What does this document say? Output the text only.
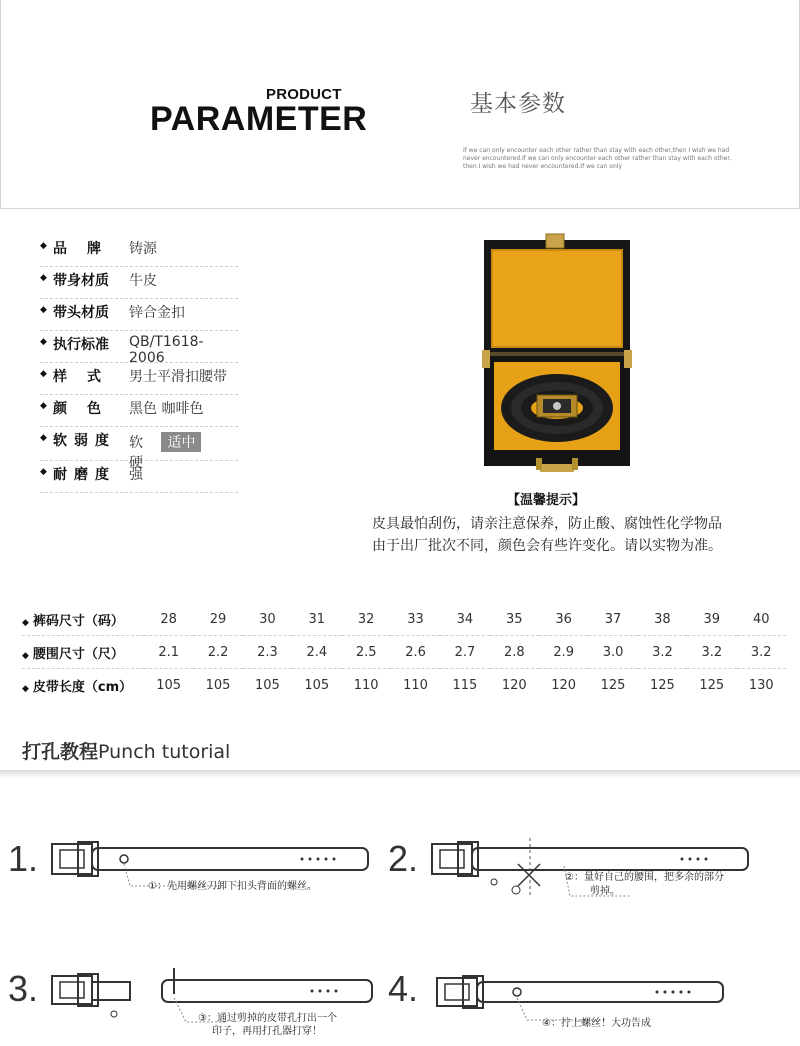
PRODUCT
PARAMETER	基本参数
If we can only encounter each other rather than stay with each other,then I wish we had never encountered.If we can only encounter each other rather than stay with each other, then I wish we had never encountered.If we can only
◆ 品牌 铸源
◆ 带身材质 牛皮
◆ 带头材质 锌合金扣
◆ 执行标准 QB/T1618-2006
◆ 样式 男士平滑扣腰带
◆ 颜色 黑色 咖啡色
◆ 软弱度 软 适中 硬
◆ 耐磨度 强
【温馨提示】
皮具最怕刮伤，请亲注意保养，防止酸、腐蚀性化学物品
由于出厂批次不同，颜色会有些许变化。请以实物为准。
◆ 裤码尺寸（码）	28	29	30	31	32	33	34	35	36	37	38	39	40
◆ 腰围尺寸（尺）	2.1	2.2	2.3	2.4	2.5	2.6	2.7	2.8	2.9	3.0	3.2	3.2	3.2
◆ 皮带长度（cm）	105	105	105	105	110	110	115	120	120	125	125	125	130
打孔教程Punch tutorial
1.
①：先用螺丝刀卸下扣头背面的螺丝。
2.	②：量好自己的腰围，把多余的部分
剪掉。
3.
③：通过剪掉的皮带孔打出一个
印子，再用打孔器打穿！
4.
④：拧上螺丝！大功告成
